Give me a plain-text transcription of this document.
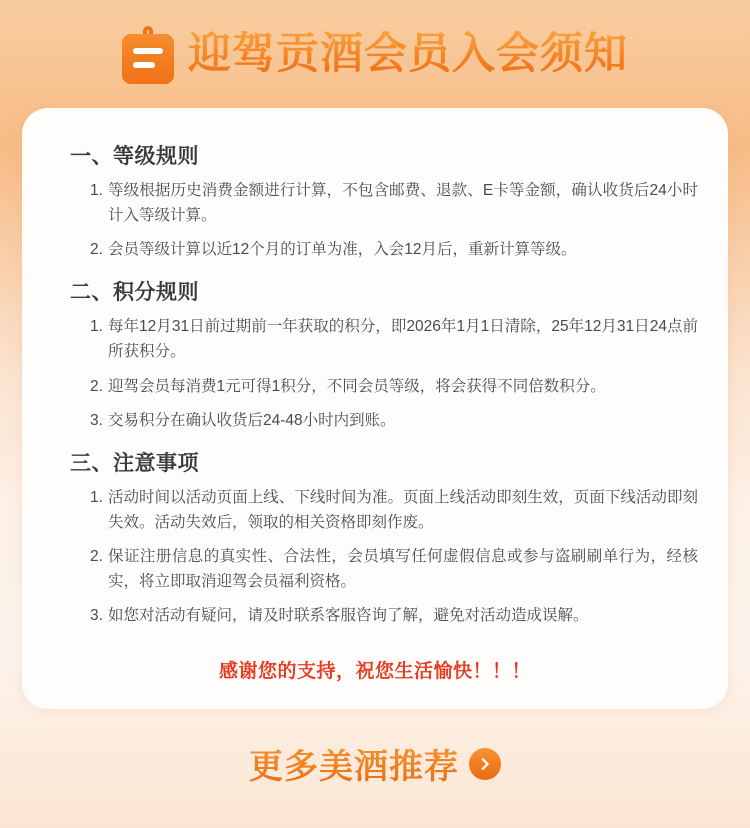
迎驾贡酒会员入会须知
一、等级规则
等级根据历史消费金额进行计算，不包含邮费、退款、E卡等金额，确认收货后24小时计入等级计算。
会员等级计算以近12个月的订单为准，入会12月后，重新计算等级。
二、积分规则
每年12月31日前过期前一年获取的积分，即2026年1月1日清除，25年12月31日24点前所获积分。
迎驾会员每消费1元可得1积分，不同会员等级，将会获得不同倍数积分。
交易积分在确认收货后24-48小时内到账。
三、注意事项
活动时间以活动页面上线、下线时间为准。页面上线活动即刻生效，页面下线活动即刻失效。活动失效后，领取的相关资格即刻作废。
保证注册信息的真实性、合法性，会员填写任何虚假信息或参与盗刷刷单行为，经核实，将立即取消迎驾会员福利资格。
如您对活动有疑问，请及时联系客服咨询了解，避免对活动造成误解。
感谢您的支持，祝您生活愉快！！！
更多美酒推荐
